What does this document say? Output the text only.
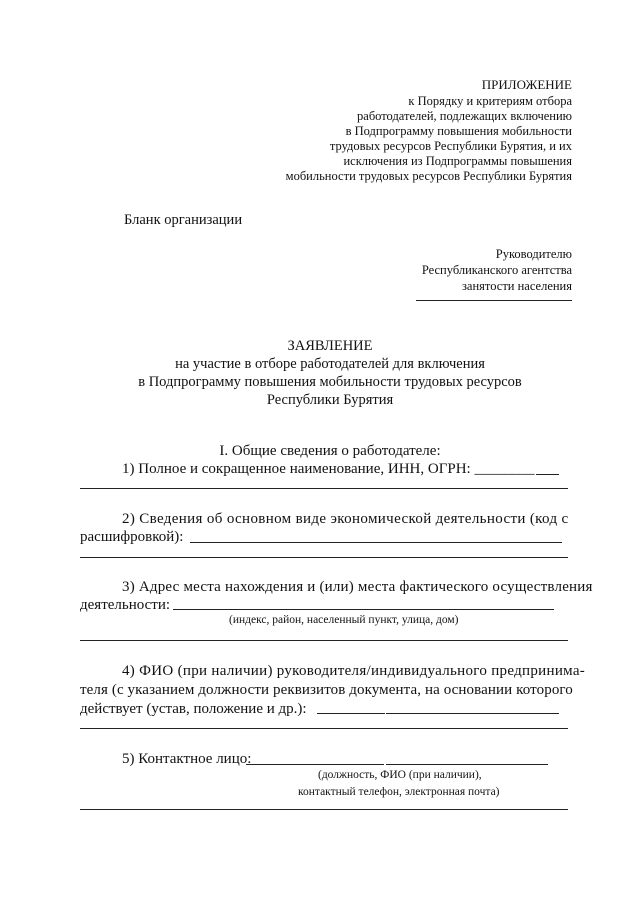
ПРИЛОЖЕНИЕ
к Порядку и критериям отбора
работодателей, подлежащих включению
в Подпрограмму повышения мобильности
трудовых ресурсов Республики Бурятия, и их
исключения из Подпрограммы повышения
мобильности трудовых ресурсов Республики Бурятия
Бланк организации
Руководителю
Республиканского агентства
занятости населения
ЗАЯВЛЕНИЕ
на участие в отборе работодателей для включения
в Подпрограмму повышения мобильности трудовых ресурсов
Республики Бурятия
I. Общие сведения о работодателе:
1) Полное и сокращенное наименование, ИНН, ОГРН: ________
2) Сведения об основном виде экономической деятельности (код с
расшифровкой):
3) Адрес места нахождения и (или) места фактического осуществления
деятельности:
(индекс, район, населенный пункт, улица, дом)
4) ФИО (при наличии) руководителя/индивидуального предпринима-
теля (с указанием должности реквизитов документа, на основании которого
действует (устав, положение и др.):
5) Контактное лицо:
(должность, ФИО (при наличии),
контактный телефон, электронная почта)
